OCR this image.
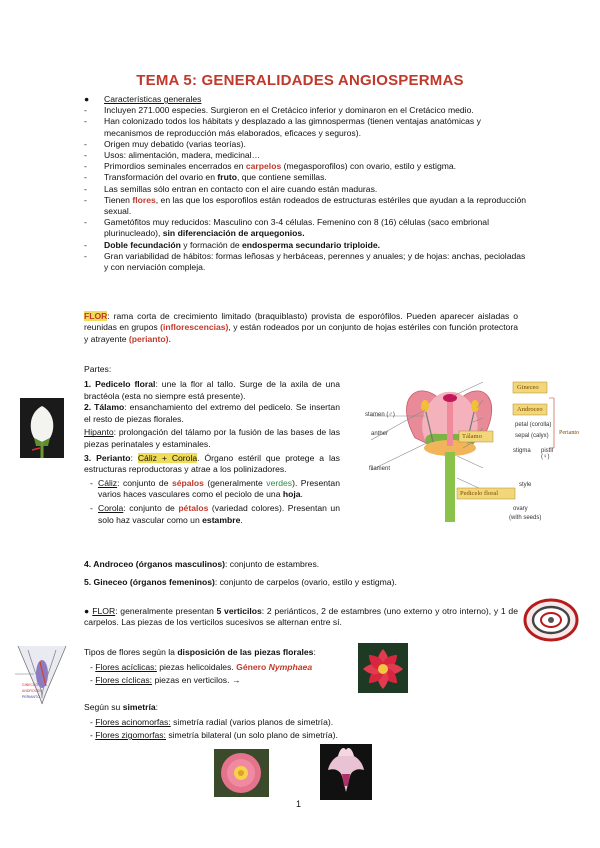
TEMA 5: GENERALIDADES ANGIOSPERMAS
● Características generales
- Incluyen 271.000 especies. Surgieron en el Cretácico inferior y dominaron en el Cretácico medio.
- Han colonizado todos los hábitats y desplazado a las gimnospermas (tienen ventajas anatómicas y mecanismos de reproducción más elaborados, eficaces y seguros).
- Origen muy debatido (varias teorías).
- Usos: alimentación, madera, medicinal…
- Primordios seminales encerrados en carpelos (megasporofilos) con ovario, estilo y estigma.
- Transformación del ovario en fruto, que contiene semillas.
- Las semillas sólo entran en contacto con el aire cuando están maduras.
- Tienen flores, en las que los esporofilos están rodeados de estructuras estériles que ayudan a la reproducción sexual.
- Gametófitos muy reducidos: Masculino con 3-4 células. Femenino con 8 (16) células (saco embrional plurinucleado), sin diferenciación de arquegonios.
- Doble fecundación y formación de endosperma secundario triploide.
- Gran variabilidad de hábitos: formas leñosas y herbáceas, perennes y anuales; y de hojas: anchas, pecioladas y con nerviación compleja.
FLOR: rama corta de crecimiento limitado (braquiblasto) provista de esporófilos. Pueden aparecer aisladas o reunidas en grupos (inflorescencias), y están rodeados por un conjunto de hojas estériles con función protectora y atrayente (perianto).
Partes:
1. Pedicelo floral: une la flor al tallo. Surge de la axila de una bractéola (esta no siempre está presente).
2. Tálamo: ensanchamiento del extremo del pedicelo. Se insertan el resto de piezas florales.
Hipanto: prolongación del tálamo por la fusión de las bases de las piezas perinatales y estaminales.
3. Perianto: Cáliz + Corola. Órgano estéril que protege a las estructuras reproductoras y atrae a los polinizadores.
- Cáliz: conjunto de sépalos (generalmente verdes). Presentan varios haces vasculares como el peciolo de una hoja.
- Corola: conjunto de pétalos (variedad colores). Presentan un solo haz vascular como un estambre.
4. Androceo (órganos masculinos): conjunto de estambres.
5. Gineceo (órganos femeninos): conjunto de carpelos (ovario, estilo y estigma).
Gineceo
Androceo
petal (corolla)
sepal (calyx) Perianto
stamen (♂)
anther
filament
stigma pistil (♀)
Tálamo
style
ovary
(with seeds)
Pedicelo floral
● FLOR: generalmente presentan 5 verticilos: 2 periánticos, 2 de estambres (uno externo y otro interno), y 1 de carpelos. Las piezas de los verticilos sucesivos se alternan entre sí.
Tipos de flores según la disposición de las piezas florales:
- Flores acíclicas: piezas helicoidales. Género Nymphaea
- Flores cíclicas: piezas en verticilos. →
Según su simetría:
- Flores acinomorfas: simetría radial (varios planos de simetría).
- Flores zigomorfas: simetría bilateral (un solo plano de simetría).
GINECEO
ANDROCEO
PERIANTO
1
